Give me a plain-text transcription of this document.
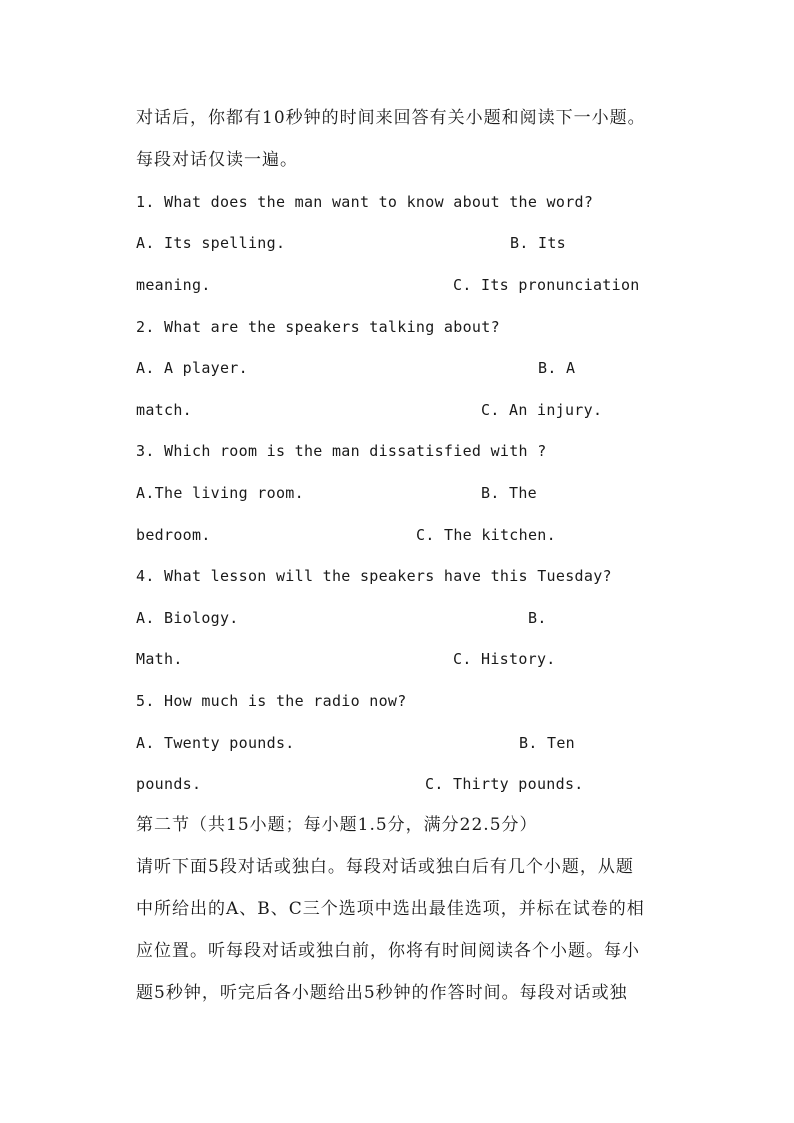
对话后，你都有10秒钟的时间来回答有关小题和阅读下一小题。
每段对话仅读一遍。
1. What does the man want to know about the word?
A. Its spelling.	B. Its
meaning.	C. Its pronunciation
2. What are the speakers talking about?
A. A player.	B. A
match.	C. An injury.
3. Which room is the man dissatisfied with ?
A.The living room.	B. The
bedroom.	C. The kitchen.
4. What lesson will the speakers have this Tuesday?
A. Biology.	B.
Math.	C. History.
5. How much is the radio now?
A. Twenty pounds.	B. Ten
pounds.	C. Thirty pounds.
第二节（共15小题；每小题1.5分，满分22.5分）
请听下面5段对话或独白。每段对话或独白后有几个小题，从题
中所给出的A、B、C三个选项中选出最佳选项，并标在试卷的相
应位置。听每段对话或独白前，你将有时间阅读各个小题。每小
题5秒钟，听完后各小题给出5秒钟的作答时间。每段对话或独
